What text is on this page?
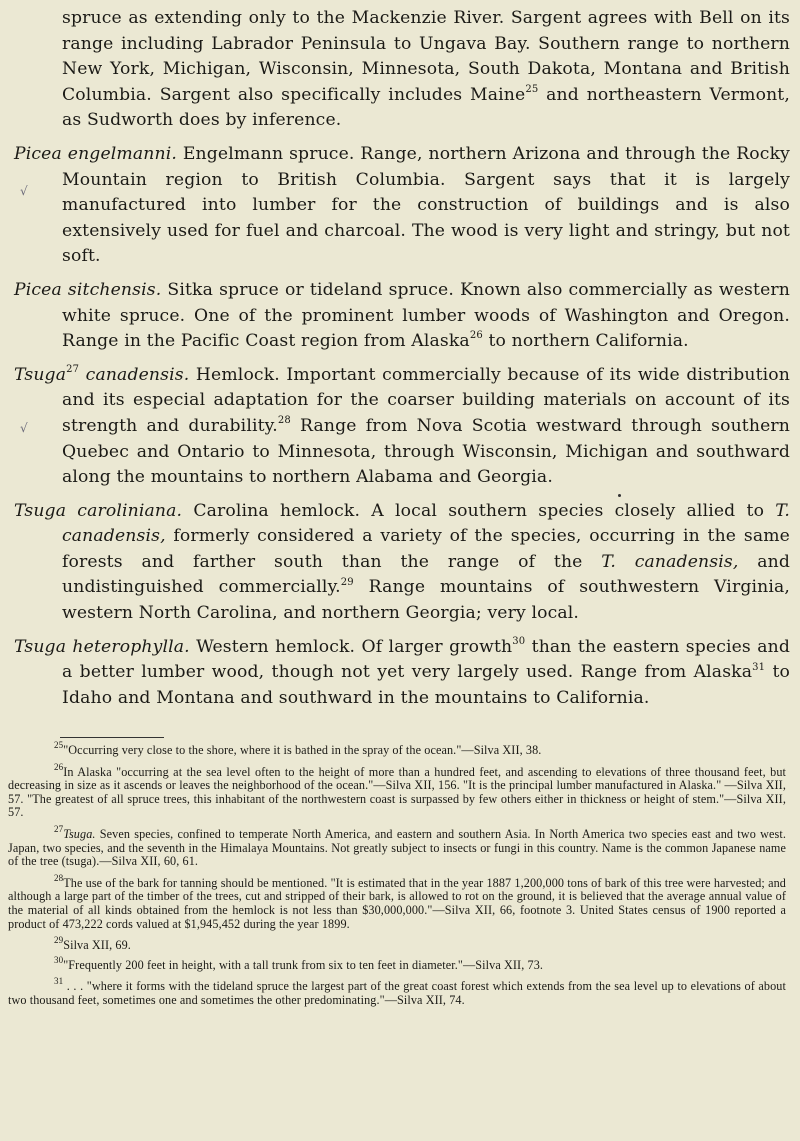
√
√

spruce as extending only to the Mackenzie River. Sargent agrees with Bell on its range including Labrador Peninsula to Ungava Bay. Southern range to northern New York, Michigan, Wisconsin, Minnesota, South Dakota, Montana and British Columbia. Sargent also specifically includes Maine$^{25}$ and northeastern Vermont, as Sudworth does by inference.

Picea engelmanni. Engelmann spruce. Range, northern Arizona and through the Rocky Mountain region to British Columbia. Sargent says that it is largely manufactured into lumber for the construction of buildings and is also extensively used for fuel and charcoal. The wood is very light and stringy, but not soft.

Picea sitchensis. Sitka spruce or tideland spruce. Known also commercially as western white spruce. One of the prominent lumber woods of Washington and Oregon. Range in the Pacific Coast region from Alaska$^{26}$ to northern California.

Tsuga$^{27}$ canadensis. Hemlock. Important commercially because of its wide distribution and its especial adaptation for the coarser building materials on account of its strength and durability.$^{28}$ Range from Nova Scotia westward through southern Quebec and Ontario to Minnesota, through Wisconsin, Michigan and southward along the mountains to northern Alabama and Georgia.

Tsuga caroliniana. Carolina hemlock. A local southern species closely allied to T. canadensis, formerly considered a variety of the species, occurring in the same forests and farther south than the range of the T. canadensis, and undistinguished commercially.$^{29}$ Range mountains of southwestern Virginia, western North Carolina, and northern Georgia; very local.

Tsuga heterophylla. Western hemlock. Of larger growth$^{30}$ than the eastern species and a better lumber wood, though not yet very largely used. Range from Alaska$^{31}$ to Idaho and Montana and southward in the mountains to California.

$^{25}$"Occurring very close to the shore, where it is bathed in the spray of the ocean."—Silva XII, 38.

$^{26}$In Alaska "occurring at the sea level often to the height of more than a hundred feet, and ascending to elevations of three thousand feet, but decreasing in size as it ascends or leaves the neighborhood of the ocean."—Silva XII, 156. "It is the principal lumber manufactured in Alaska." —Silva XII, 57. "The greatest of all spruce trees, this inhabitant of the northwestern coast is surpassed by few others either in thickness or height of stem."—Silva XII, 57.

$^{27}$Tsuga. Seven species, confined to temperate North America, and eastern and southern Asia. In North America two species east and two west. Japan, two species, and the seventh in the Himalaya Mountains. Not greatly subject to insects or fungi in this country. Name is the common Japanese name of the tree (tsuga).—Silva XII, 60, 61.

$^{28}$The use of the bark for tanning should be mentioned. "It is estimated that in the year 1887 1,200,000 tons of bark of this tree were harvested; and although a large part of the timber of the trees, cut and stripped of their bark, is allowed to rot on the ground, it is believed that the average annual value of the material of all kinds obtained from the hemlock is not less than $30,000,000."—Silva XII, 66, footnote 3. United States census of 1900 reported a product of 473,222 cords valued at $1,945,452 during the year 1899.

$^{29}$Silva XII, 69.

$^{30}$"Frequently 200 feet in height, with a tall trunk from six to ten feet in diameter."—Silva XII, 73.

$^{31}$ . . . "where it forms with the tideland spruce the largest part of the great coast forest which extends from the sea level up to elevations of about two thousand feet, sometimes one and sometimes the other predominating."—Silva XII, 74.
